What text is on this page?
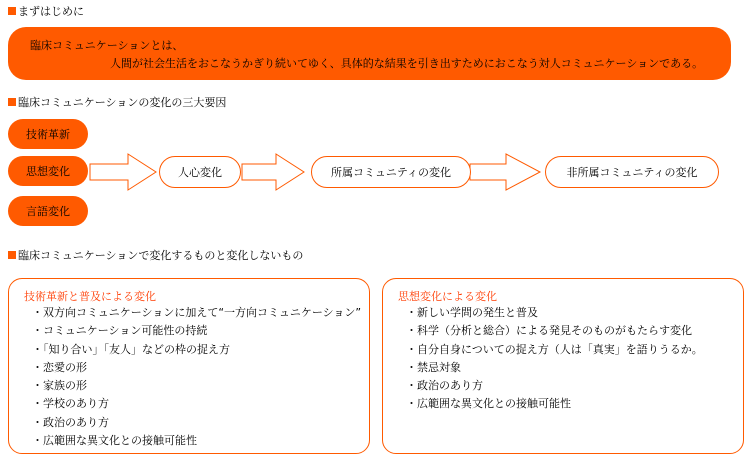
まずはじめに
臨床コミュニケーションとは、
人間が社会生活をおこなうかぎり続いてゆく、具体的な結果を引き出すためにおこなう対人コミュニケーションである。
臨床コミュニケーションの変化の三大要因
技術革新
思想変化
言語変化
人心変化	所属コミュニティの変化	非所属コミュニティの変化
臨床コミュニケーションで変化するものと変化しないもの
技術革新と普及による変化
・双方向コミュニケーションに加えて“一方向コミュニケーション”
・コミュニケーション可能性の持続
・「知り合い」「友人」などの枠の捉え方
・恋愛の形
・家族の形
・学校のあり方
・政治のあり方
・広範囲な異文化との接触可能性
思想変化による変化
・新しい学問の発生と普及
・科学（分析と総合）による発見そのものがもたらす変化
・自分自身についての捉え方（人は「真実」を語りうるか。
・禁忌対象
・政治のあり方
・広範囲な異文化との接触可能性
